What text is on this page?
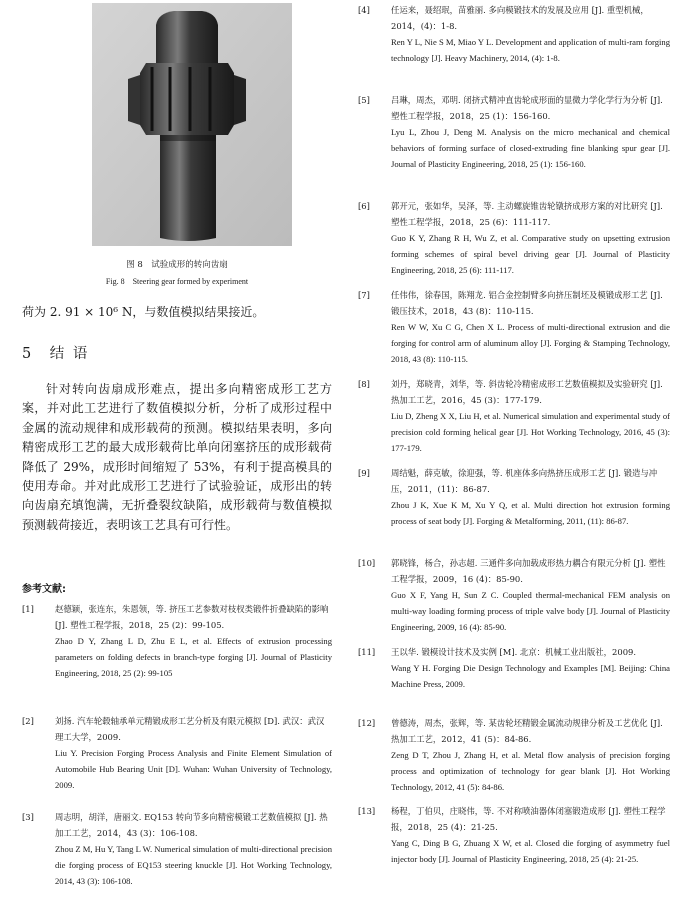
图 8　试验成形的转向齿扇
Fig. 8　Steering gear formed by experiment
荷为 2. 91 × 10⁶ N，与数值模拟结果接近。
5　结 语

针对转向齿扇成形难点，提出多向精密成形工艺方案，并对此工艺进行了数值模拟分析，分析了成形过程中金属的流动规律和成形载荷的预测。模拟结果表明，多向精密成形工艺的最大成形载荷比单向闭塞挤压的成形载荷降低了 29%，成形时间缩短了 53%，有利于提高模具的使用寿命。并对此成形工艺进行了试验验证，成形出的转向齿扇充填饱满，无折叠裂纹缺陷，成形载荷与数值模拟预测载荷接近，表明该工艺具有可行性。

参考文献:
[1]	赵德颖，张连东，朱恩领，等. 挤压工艺参数对枝杈类锻件折叠缺陷的影响 [J]. 塑性工程学报，2018，25 (2)：99-105.
Zhao D Y, Zhang L D, Zhu E L, et al. Effects of extrusion processing parameters on folding defects in branch-type forging [J]. Journal of Plasticity Engineering, 2018, 25 (2): 99-105
[2]	刘扬. 汽车轮毂轴承单元精锻成形工艺分析及有限元模拟 [D]. 武汉：武汉理工大学，2009.
Liu Y. Precision Forging Process Analysis and Finite Element Simulation of Automobile Hub Bearing Unit [D]. Wuhan: Wuhan University of Technology, 2009.
[3]	周志明，胡洋，唐丽文. EQ153 转向节多向精密模锻工艺数值模拟 [J]. 热加工工艺，2014，43 (3)：106-108.
Zhou Z M, Hu Y, Tang L W. Numerical simulation of multi-directional precision die forging process of EQ153 steering knuckle [J]. Hot Working Technology, 2014, 43 (3): 106-108.
[4]	任运来，聂绍珉，苗雅丽. 多向模锻技术的发展及应用 [J]. 重型机械，2014，(4)：1-8.
Ren Y L, Nie S M, Miao Y L. Development and application of multi-ram forging technology [J]. Heavy Machinery, 2014, (4): 1-8.
[5]	吕琳，周杰，邓明. 闭挤式精冲直齿轮成形面的显微力学化学行为分析 [J]. 塑性工程学报，2018，25 (1)：156-160.
Lyu L, Zhou J, Deng M. Analysis on the micro mechanical and chemical behaviors of forming surface of closed-extruding fine blanking spur gear [J]. Journal of Plasticity Engineering, 2018, 25 (1): 156-160.
[6]	郭开元，张如华，吴泽，等. 主动螺旋锥齿轮镦挤成形方案的对比研究 [J]. 塑性工程学报，2018，25 (6)：111-117.
Guo K Y, Zhang R H, Wu Z, et al. Comparative study on upsetting extrusion forming schemes of spiral bevel driving gear [J]. Journal of Plasticity Engineering, 2018, 25 (6): 111-117.
[7]	任伟伟，徐春国，陈翔龙. 铝合金控制臂多向挤压制坯及模锻成形工艺 [J]. 锻压技术，2018，43 (8)：110-115.
Ren W W, Xu C G, Chen X L. Process of multi-directional extrusion and die forging for control arm of aluminum alloy [J]. Forging & Stamping Technology, 2018, 43 (8): 110-115.
[8]	刘丹，郑晓青，刘华，等. 斜齿轮冷精密成形工艺数值模拟及实验研究 [J]. 热加工工艺，2016，45 (3)：177-179.
Liu D, Zheng X X, Liu H, et al. Numerical simulation and experimental study of precision cold forming helical gear [J]. Hot Working Technology, 2016, 45 (3): 177-179.
[9]	周结魁，薛克敏，徐迎强，等. 机座体多向热挤压成形工艺 [J]. 锻造与冲压，2011，(11)：86-87.
Zhou J K, Xue K M, Xu Y Q, et al. Multi direction hot extrusion forming process of seat body [J]. Forging & Metalforming, 2011, (11): 86-87.
[10]	郭晓锋，杨合，孙志超. 三通件多向加载成形热力耦合有限元分析 [J]. 塑性工程学报，2009，16 (4)：85-90.
Guo X F, Yang H, Sun Z C. Coupled thermal-mechanical FEM analysis on multi-way loading forming process of triple valve body [J]. Journal of Plasticity Engineering, 2009, 16 (4): 85-90.
[11]	王以华. 锻模设计技术及实例 [M]. 北京：机械工业出版社，2009.
Wang Y H. Forging Die Design Technology and Examples [M]. Beijing: China Machine Press, 2009.
[12]	曾德涛，周杰，张辉，等. 某齿轮坯精锻金属流动规律分析及工艺优化 [J]. 热加工工艺，2012，41 (5)：84-86.
Zeng D T, Zhou J, Zhang H, et al. Metal flow analysis of precision forging process and optimization of technology for gear blank [J]. Hot Working Technology, 2012, 41 (5): 84-86.
[13]	杨程，丁伯贝，庄晓伟，等. 不对称喷油器体闭塞锻造成形 [J]. 塑性工程学报，2018，25 (4)：21-25.
Yang C, Ding B G, Zhuang X W, et al. Closed die forging of asymmetry fuel injector body [J]. Journal of Plasticity Engineering, 2018, 25 (4): 21-25.
